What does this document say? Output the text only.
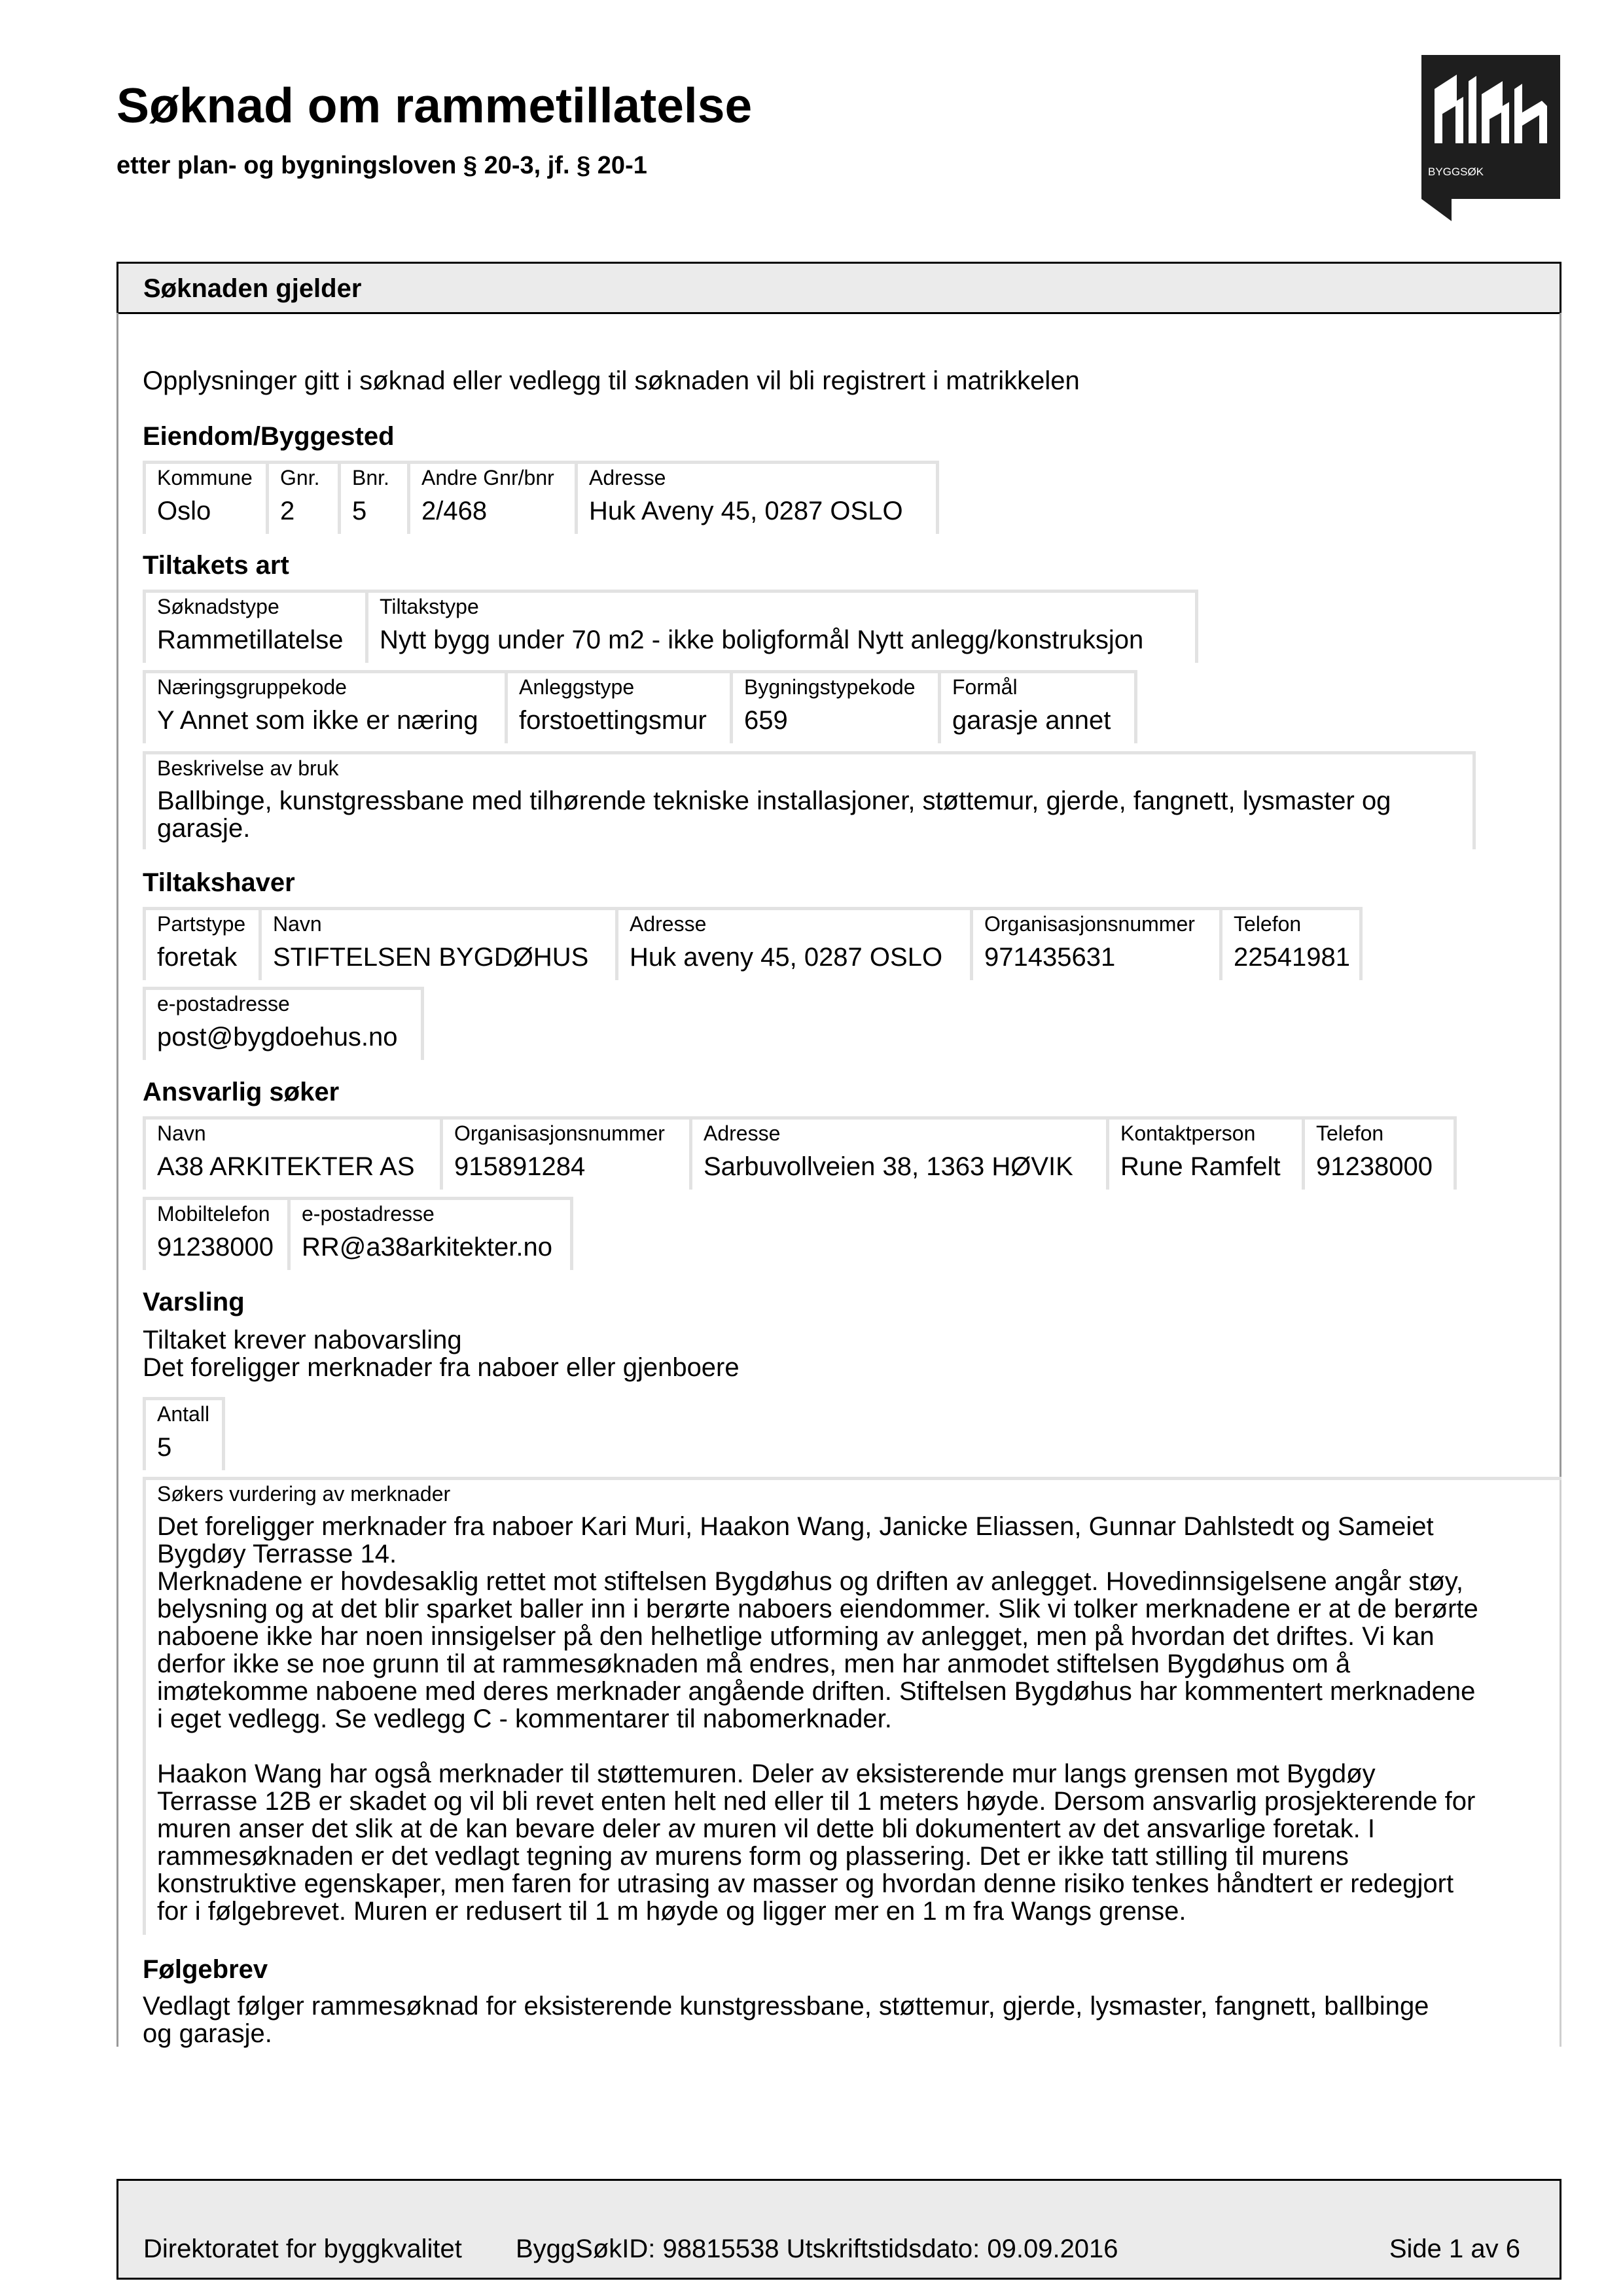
Søknad om rammetillatelse
etter plan- og bygningsloven § 20-3, jf. § 20-1	BYGGSØK
Søknaden gjelder
Opplysninger gitt i søknad eller vedlegg til søknaden vil bli registrert i matrikkelen
Eiendom/Byggested
Kommune
Oslo
Gnr.
2
Bnr.
5
Andre Gnr/bnr
2/468
Adresse
Huk Aveny 45, 0287 OSLO
Tiltakets art
Søknadstype
Rammetillatelse
Tiltakstype
Nytt bygg under 70 m2 - ikke boligformål Nytt anlegg/konstruksjon
Næringsgruppekode
Y Annet som ikke er næring
Anleggstype
forstoettingsmur
Bygningstypekode
659
Formål
garasje annet
Beskrivelse av bruk
Ballbinge, kunstgressbane med tilhørende tekniske installasjoner, støttemur, gjerde, fangnett, lysmaster og
garasje.
Tiltakshaver
Partstype
foretak
Navn
STIFTELSEN BYGDØHUS
Adresse
Huk aveny 45, 0287 OSLO
Organisasjonsnummer
971435631
Telefon
22541981
e-postadresse
post@bygdoehus.no
Ansvarlig søker
Navn
A38 ARKITEKTER AS
Organisasjonsnummer
915891284
Adresse
Sarbuvollveien 38, 1363 HØVIK
Kontaktperson
Rune Ramfelt
Telefon
91238000
Mobiltelefon
91238000
e-postadresse
RR@a38arkitekter.no
Varsling
Tiltaket krever nabovarsling
Det foreligger merknader fra naboer eller gjenboere
Antall
5
Søkers vurdering av merknader
Det foreligger merknader fra naboer Kari Muri, Haakon Wang, Janicke Eliassen, Gunnar Dahlstedt og Sameiet
Bygdøy Terrasse 14.
Merknadene er hovdesaklig rettet mot stiftelsen Bygdøhus og driften av anlegget. Hovedinnsigelsene angår støy,
belysning og at det blir sparket baller inn i berørte naboers eiendommer. Slik vi tolker merknadene er at de berørte
naboene ikke har noen innsigelser på den helhetlige utforming av anlegget, men på hvordan det driftes. Vi kan
derfor ikke se noe grunn til at rammesøknaden må endres, men har anmodet stiftelsen Bygdøhus om å
imøtekomme naboene med deres merknader angående driften. Stiftelsen Bygdøhus har kommentert merknadene
i eget vedlegg. Se vedlegg C - kommentarer til nabomerknader.
Haakon Wang har også merknader til støttemuren. Deler av eksisterende mur langs grensen mot Bygdøy
Terrasse 12B er skadet og vil bli revet enten helt ned eller til 1 meters høyde. Dersom ansvarlig prosjekterende for
muren anser det slik at de kan bevare deler av muren vil dette bli dokumentert av det ansvarlige foretak. I
rammesøknaden er det vedlagt tegning av murens form og plassering. Det er ikke tatt stilling til murens
konstruktive egenskaper, men faren for utrasing av masser og hvordan denne risiko tenkes håndtert er redegjort
for i følgebrevet. Muren er redusert til 1 m høyde og ligger mer en 1 m fra Wangs grense.
Følgebrev
Vedlagt følger rammesøknad for eksisterende kunstgressbane, støttemur, gjerde, lysmaster, fangnett, ballbinge
og garasje.
Direktoratet for byggkvalitet ByggSøkID: 98815538 Utskriftstidsdato: 09.09.2016	Side 1 av 6
